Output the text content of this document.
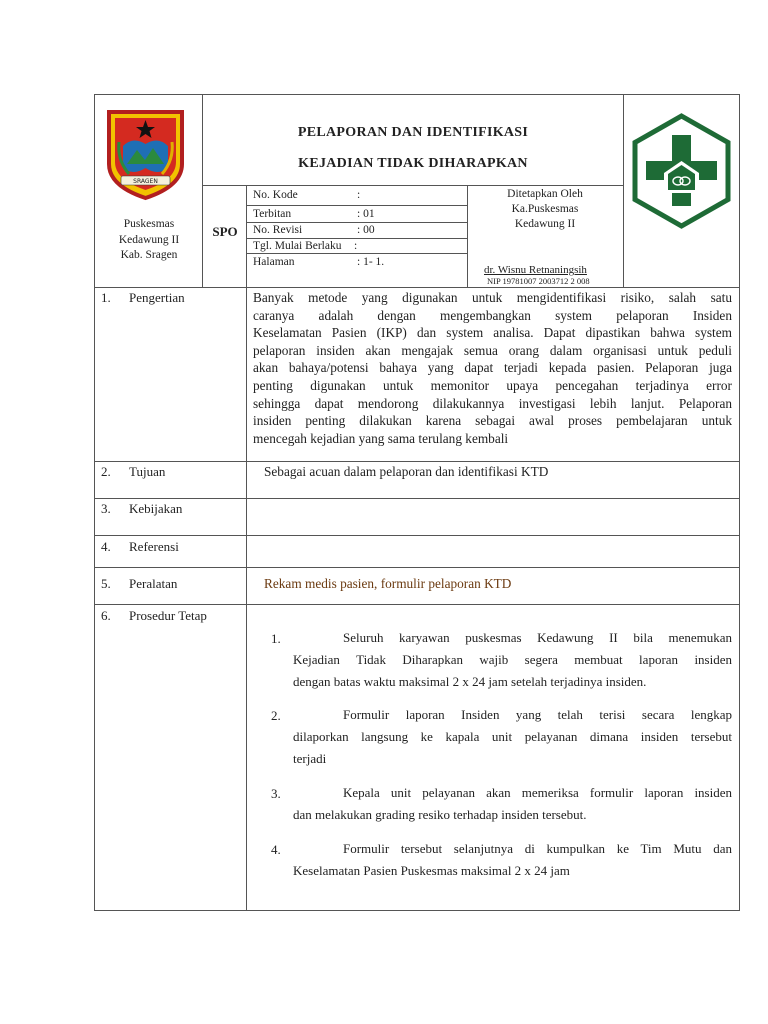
SRAGEN
Puskesmas
Kedawung II
Kab. Sragen
SPO
PELAPORAN DAN IDENTIFIKASI
KEJADIAN TIDAK DIHARAPKAN
No. Kode	:
Terbitan	: 01
No. Revisi	: 00
Tgl. Mulai Berlaku :
Halaman	: 1- 1.
Ditetapkan Oleh
Ka.Puskesmas
Kedawung II
dr. Wisnu Retnaningsih
NIP 19781007 2003712 2 008
1. Pengertian	Banyak metode yang digunakan untuk mengidentifikasi risiko, salah satu
caranya adalah dengan mengembangkan system pelaporan Insiden
Keselamatan Pasien (IKP) dan system analisa. Dapat dipastikan bahwa system
pelaporan insiden akan mengajak semua orang dalam organisasi untuk peduli
akan bahaya/potensi bahaya yang dapat terjadi kepada pasien. Pelaporan juga
penting digunakan untuk memonitor upaya pencegahan terjadinya error
sehingga dapat mendorong dilakukannya investigasi lebih lanjut. Pelaporan
insiden penting dilakukan karena sebagai awal proses pembelajaran untuk
mencegah kejadian yang sama terulang kembali
2. Tujuan	Sebagai acuan dalam pelaporan dan identifikasi KTD
3. Kebijakan
4. Referensi
5. Peralatan	Rekam medis pasien, formulir pelaporan KTD
6. Prosedur Tetap
1.	Seluruh karyawan puskesmas Kedawung II bila menemukan
Kejadian Tidak Diharapkan wajib segera membuat laporan insiden
dengan batas waktu maksimal 2 x 24 jam setelah terjadinya insiden.
2.	Formulir laporan Insiden yang telah terisi secara lengkap
dilaporkan langsung ke kapala unit pelayanan dimana insiden tersebut
terjadi
3.	Kepala unit pelayanan akan memeriksa formulir laporan insiden
dan melakukan grading resiko terhadap insiden tersebut.
4.	Formulir tersebut selanjutnya di kumpulkan ke Tim Mutu dan
Keselamatan Pasien Puskesmas maksimal 2 x 24 jam
